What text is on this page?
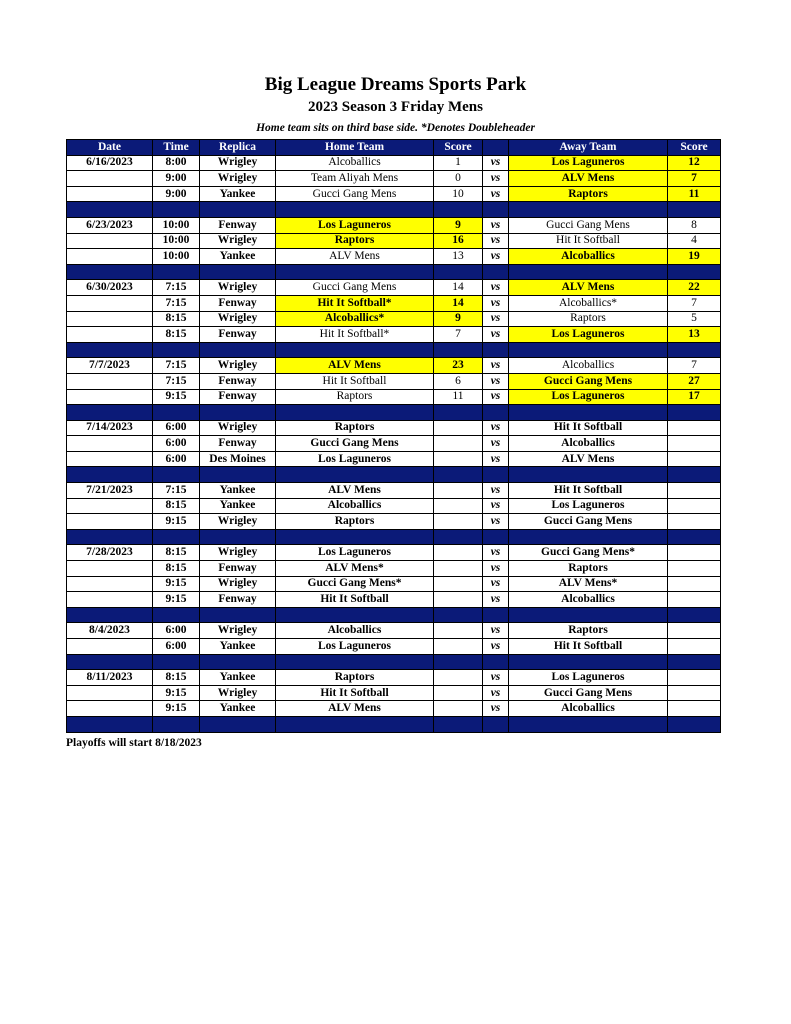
Big League Dreams Sports Park
2023 Season 3 Friday Mens
Home team sits on third base side. *Denotes Doubleheader
Date	Time	Replica	Home Team	Score		Away Team	Score
6/16/2023	8:00	Wrigley	Alcoballics	1	vs	Los Laguneros	12
	9:00	Wrigley	Team Aliyah Mens	0	vs	ALV Mens	7
	9:00	Yankee	Gucci Gang Mens	10	vs	Raptors	11

6/23/2023	10:00	Fenway	Los Laguneros	9	vs	Gucci Gang Mens	8
	10:00	Wrigley	Raptors	16	vs	Hit It Softball	4
	10:00	Yankee	ALV Mens	13	vs	Alcoballics	19

6/30/2023	7:15	Wrigley	Gucci Gang Mens	14	vs	ALV Mens	22
	7:15	Fenway	Hit It Softball*	14	vs	Alcoballics*	7
	8:15	Wrigley	Alcoballics*	9	vs	Raptors	5
	8:15	Fenway	Hit It Softball*	7	vs	Los Laguneros	13

7/7/2023	7:15	Wrigley	ALV Mens	23	vs	Alcoballics	7
	7:15	Fenway	Hit It Softball	6	vs	Gucci Gang Mens	27
	9:15	Fenway	Raptors	11	vs	Los Laguneros	17

7/14/2023	6:00	Wrigley	Raptors		vs	Hit It Softball	
	6:00	Fenway	Gucci Gang Mens		vs	Alcoballics	
	6:00	Des Moines	Los Laguneros		vs	ALV Mens	

7/21/2023	7:15	Yankee	ALV Mens		vs	Hit It Softball	
	8:15	Yankee	Alcoballics		vs	Los Laguneros	
	9:15	Wrigley	Raptors		vs	Gucci Gang Mens	

7/28/2023	8:15	Wrigley	Los Laguneros		vs	Gucci Gang Mens*	
	8:15	Fenway	ALV Mens*		vs	Raptors	
	9:15	Wrigley	Gucci Gang Mens*		vs	ALV Mens*	
	9:15	Fenway	Hit It Softball		vs	Alcoballics	

8/4/2023	6:00	Wrigley	Alcoballics		vs	Raptors	
	6:00	Yankee	Los Laguneros		vs	Hit It Softball	

8/11/2023	8:15	Yankee	Raptors		vs	Los Laguneros	
	9:15	Wrigley	Hit It Softball		vs	Gucci Gang Mens	
	9:15	Yankee	ALV Mens		vs	Alcoballics	

Playoffs will start 8/18/2023
